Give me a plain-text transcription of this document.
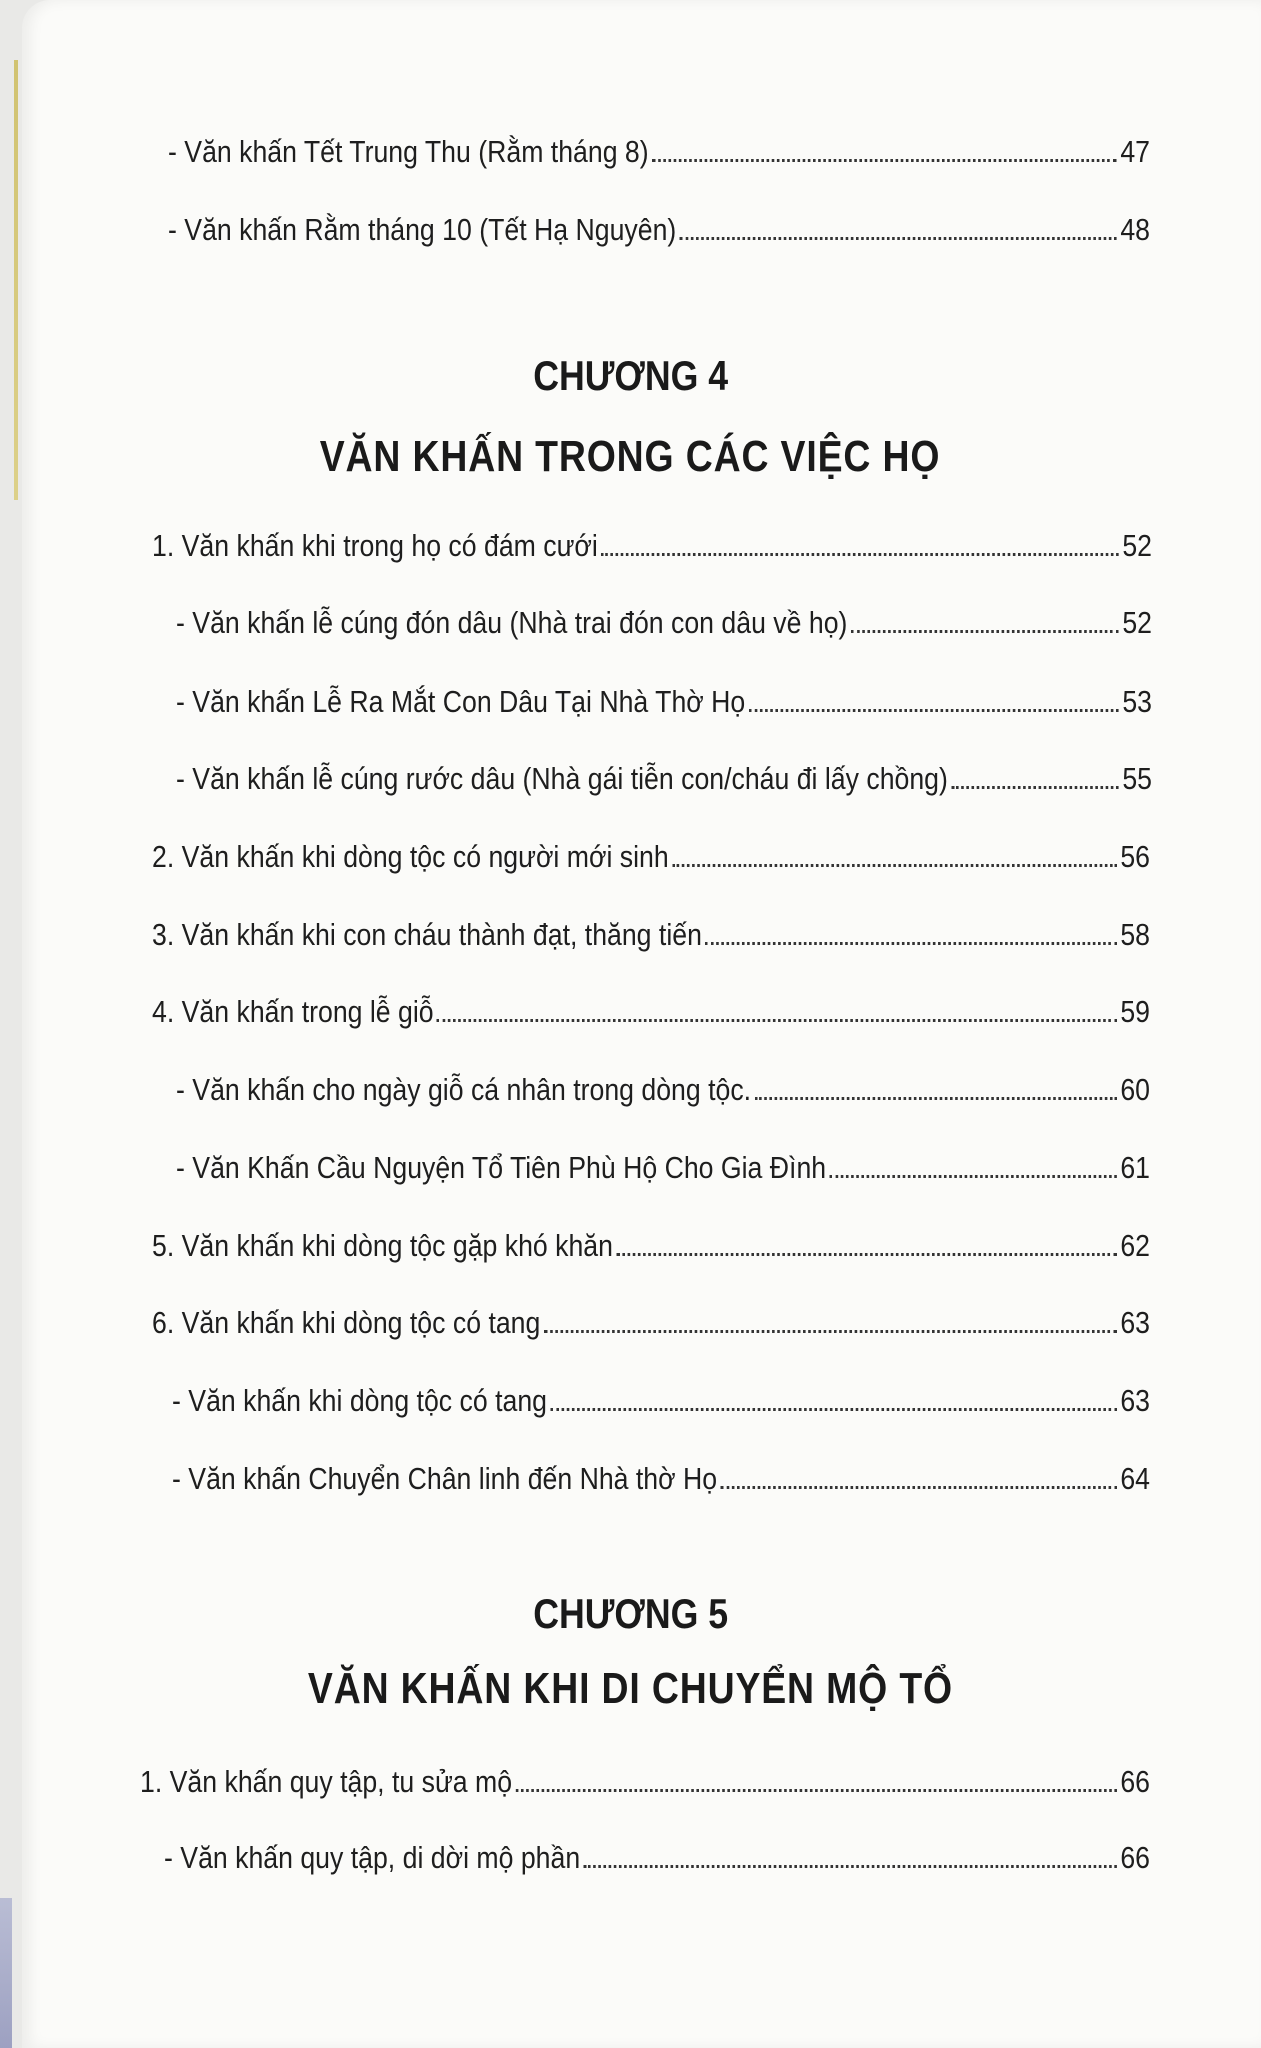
CHƯƠNG 4
VĂN KHẤN TRONG CÁC VIỆC HỌ
CHƯƠNG 5
VĂN KHẤN KHI DI CHUYỂN MỘ TỔ
- Văn khấn Tết Trung Thu (Rằm tháng 8)	47
- Văn khấn Rằm tháng 10 (Tết Hạ Nguyên)	48
1. Văn khấn khi trong họ có đám cưới	52
- Văn khấn lễ cúng đón dâu (Nhà trai đón con dâu về họ)	52
- Văn khấn Lễ Ra Mắt Con Dâu Tại Nhà Thờ Họ	53
- Văn khấn lễ cúng rước dâu (Nhà gái tiễn con/cháu đi lấy chồng)	55
2. Văn khấn khi dòng tộc có người mới sinh	56
3. Văn khấn khi con cháu thành đạt, thăng tiến	58
4. Văn khấn trong lễ giỗ	59
- Văn khấn cho ngày giỗ cá nhân trong dòng tộc.	60
- Văn Khấn Cầu Nguyện Tổ Tiên Phù Hộ Cho Gia Đình	61
5. Văn khấn khi dòng tộc gặp khó khăn	62
6. Văn khấn khi dòng tộc có tang	63
- Văn khấn khi dòng tộc có tang	63
- Văn khấn Chuyển Chân linh đến Nhà thờ Họ	64
1. Văn khấn quy tập, tu sửa mộ	66
- Văn khấn quy tập, di dời mộ phần	66
